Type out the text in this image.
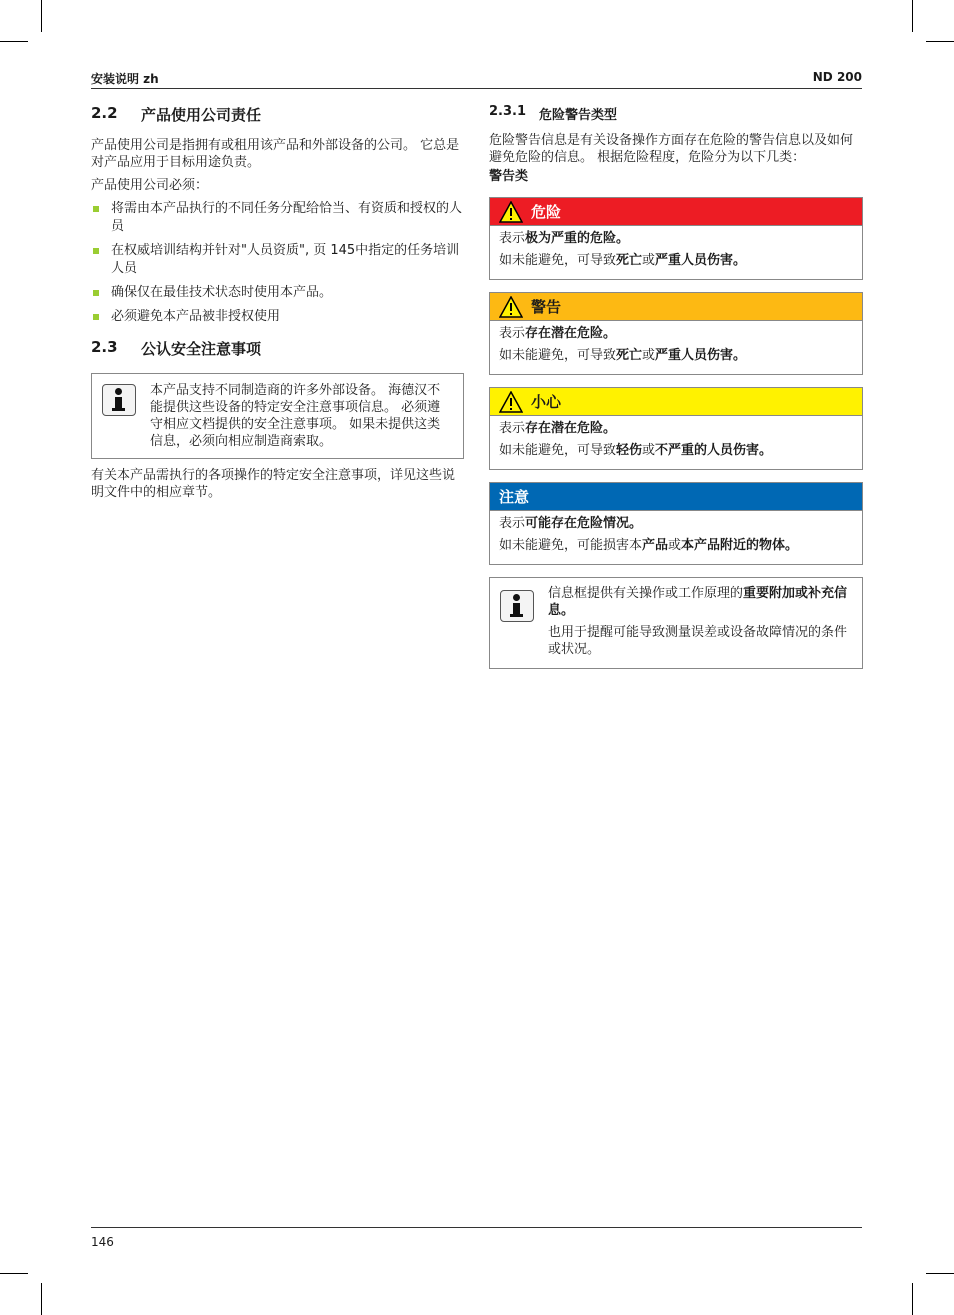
安装说明 zh	ND 200
2.2	产品使用公司责任

产品使用公司是指拥有或租用该产品和外部设备的公司。 它总是对产品应用于目标用途负责。

产品使用公司必须：

将需由本产品执行的不同任务分配给恰当、有资质和授权的人员
在权威培训结构并针对"人员资质", 页 145中指定的任务培训人员
确保仅在最佳技术状态时使用本产品。
必须避免本产品被非授权使用
2.3	公认安全注意事项

本产品支持不同制造商的许多外部设备。 海德汉不能提供这些设备的特定安全注意事项信息。 必须遵守相应文档提供的安全注意事项。 如果未提供这类信息，必须向相应制造商索取。

有关本产品需执行的各项操作的特定安全注意事项，详见这些说明文件中的相应章节。

2.3.1 危险警告类型

危险警告信息是有关设备操作方面存在危险的警告信息以及如何避免危险的信息。 根据危险程度，危险分为以下几类：

警告类

危险

表示极为严重的危险。

如未能避免，可导致死亡或严重人员伤害。

警告

表示存在潜在危险。

如未能避免，可导致死亡或严重人员伤害。

小心

表示存在潜在危险。

如未能避免，可导致轻伤或不严重的人员伤害。

注意

表示可能存在危险情况。

如未能避免，可能损害本产品或本产品附近的物体。

信息框提供有关操作或工作原理的重要附加或补充信息。

也用于提醒可能导致测量误差或设备故障情况的条件或状况。

146
